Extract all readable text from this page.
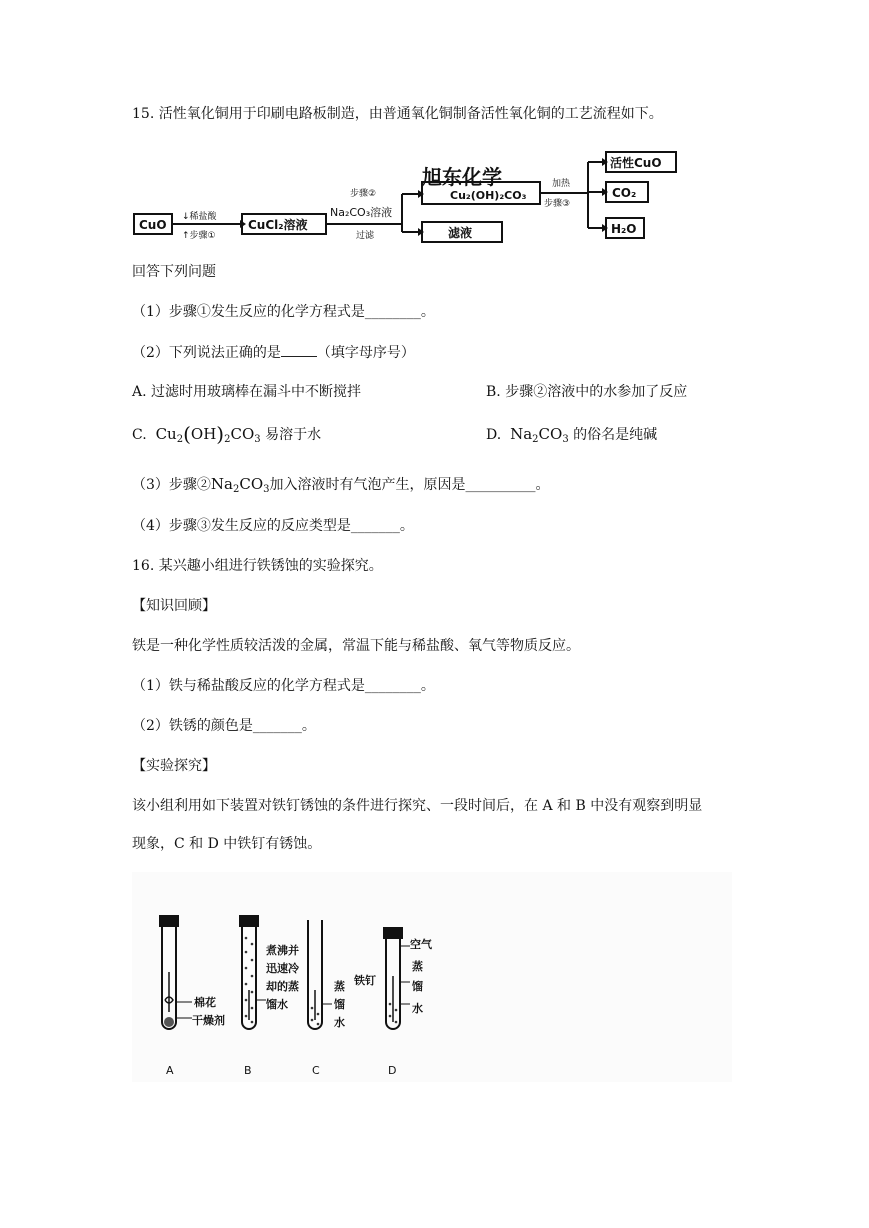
15. 活性氧化铜用于印刷电路板制造，由普通氧化铜制备活性氧化铜的工艺流程如下。
CuO
↓稀盐酸
↑步骤①
CuCl₂溶液
步骤②
Na₂CO₃溶液
过滤
旭东化学
Cu₂(OH)₂CO₃
滤液
加热
步骤③
活性CuO
CO₂
H₂O
回答下列问题
（1）步骤①发生反应的化学方程式是________。
（2）下列说法正确的是	（填字母序号）
A. 过滤时用玻璃棒在漏斗中不断搅拌	B. 步骤②溶液中的水参加了反应
C. $Cu_2(OH)_2CO_3$ 易溶于水	D. $Na_2CO_3$ 的俗名是纯碱
（3）步骤$②Na_2CO_3$加入溶液时有气泡产生，原因是__________。
（4）步骤③发生反应的反应类型是_______。
16. 某兴趣小组进行铁锈蚀的实验探究。
【知识回顾】
铁是一种化学性质较活泼的金属，常温下能与稀盐酸、氧气等物质反应。
（1）铁与稀盐酸反应的化学方程式是________。
（2）铁锈的颜色是_______。
【实验探究】
该小组利用如下装置对铁钉锈蚀的条件进行探究、一段时间后，在 A 和 B 中没有观察到明显
现象，C 和 D 中铁钉有锈蚀。
棉花
干燥剂
煮沸并
迅速冷
却的蒸
馏水
蒸
馏
水
铁钉
空气
蒸
馏
水
A	B	C	D
